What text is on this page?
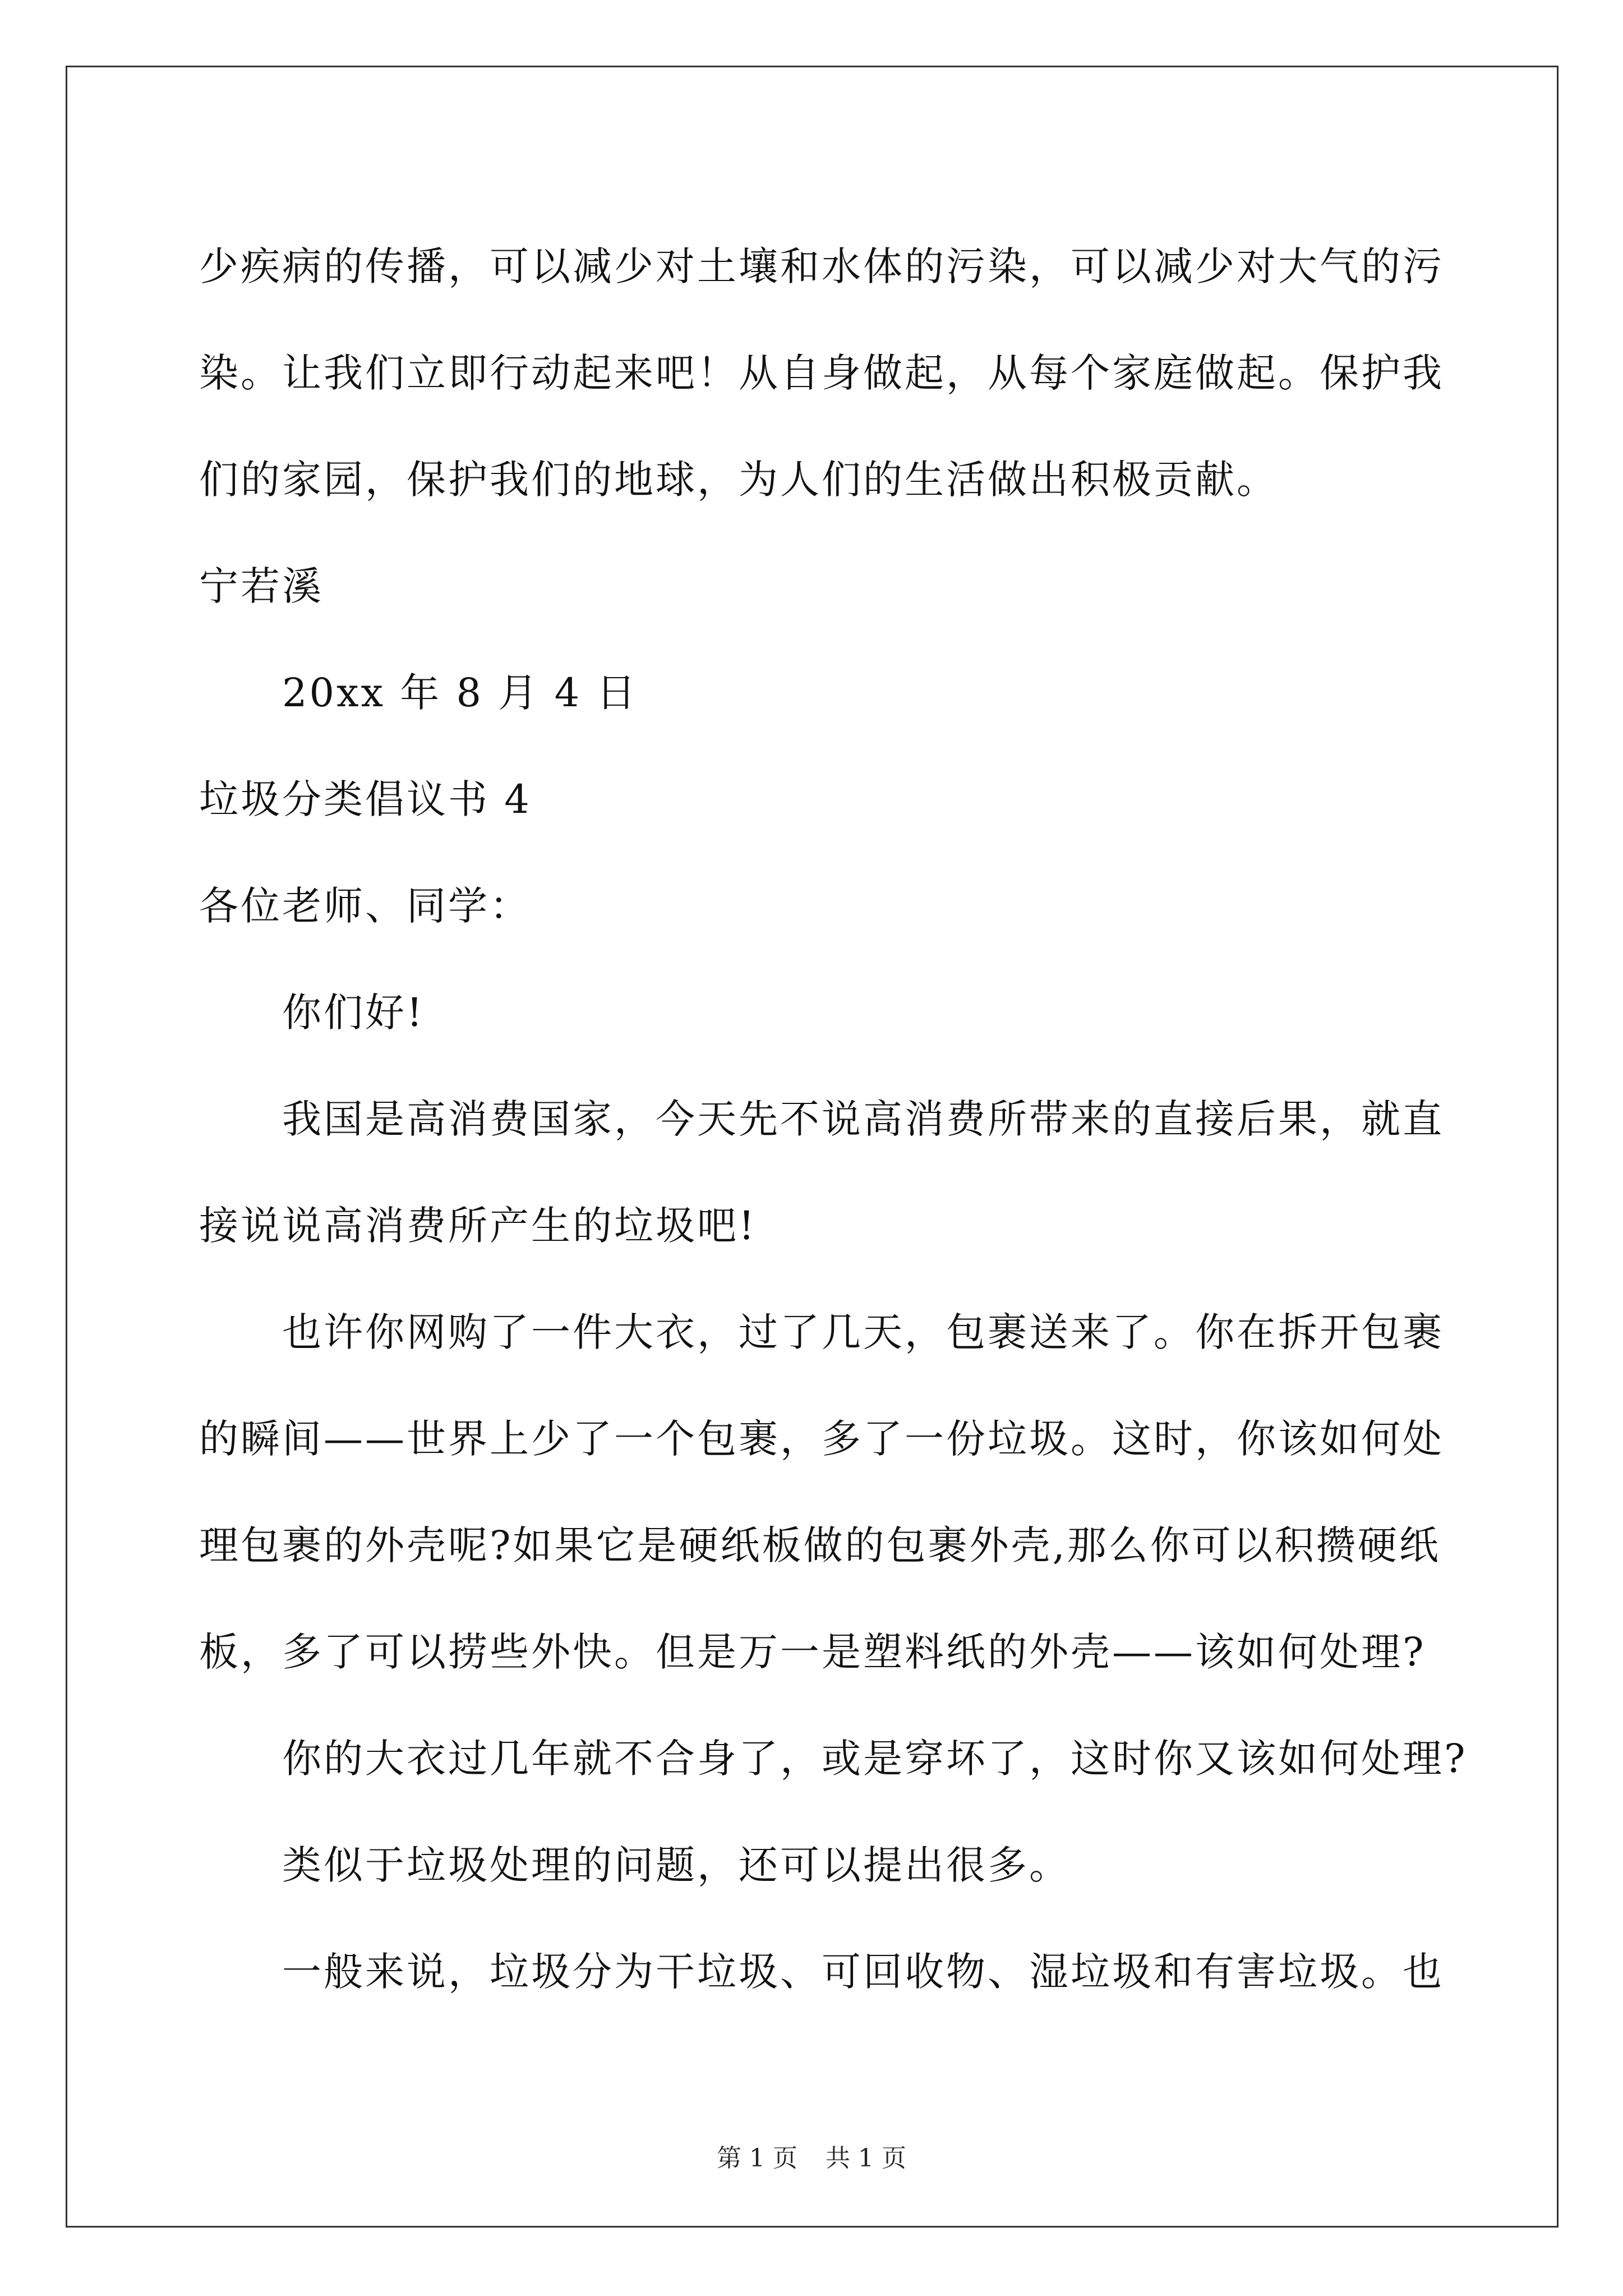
少疾病的传播，可以减少对土壤和水体的污染，可以减少对大气的污
染。让我们立即行动起来吧！从自身做起，从每个家庭做起。保护我
们的家园，保护我们的地球，为人们的生活做出积极贡献。
宁若溪
20xx 年 8 月 4 日
垃圾分类倡议书 4
各位老师、同学：
你们好!
我国是高消费国家，今天先不说高消费所带来的直接后果，就直
接说说高消费所产生的垃圾吧!
也许你网购了一件大衣，过了几天，包裹送来了。你在拆开包裹
的瞬间——世界上少了一个包裹，多了一份垃圾。这时，你该如何处
理包裹的外壳呢?如果它是硬纸板做的包裹外壳,那么你可以积攒硬纸
板，多了可以捞些外快。但是万一是塑料纸的外壳——该如何处理?
你的大衣过几年就不合身了，或是穿坏了，这时你又该如何处理?
类似于垃圾处理的问题，还可以提出很多。
一般来说，垃圾分为干垃圾、可回收物、湿垃圾和有害垃圾。也
第 1 页 共 1 页
